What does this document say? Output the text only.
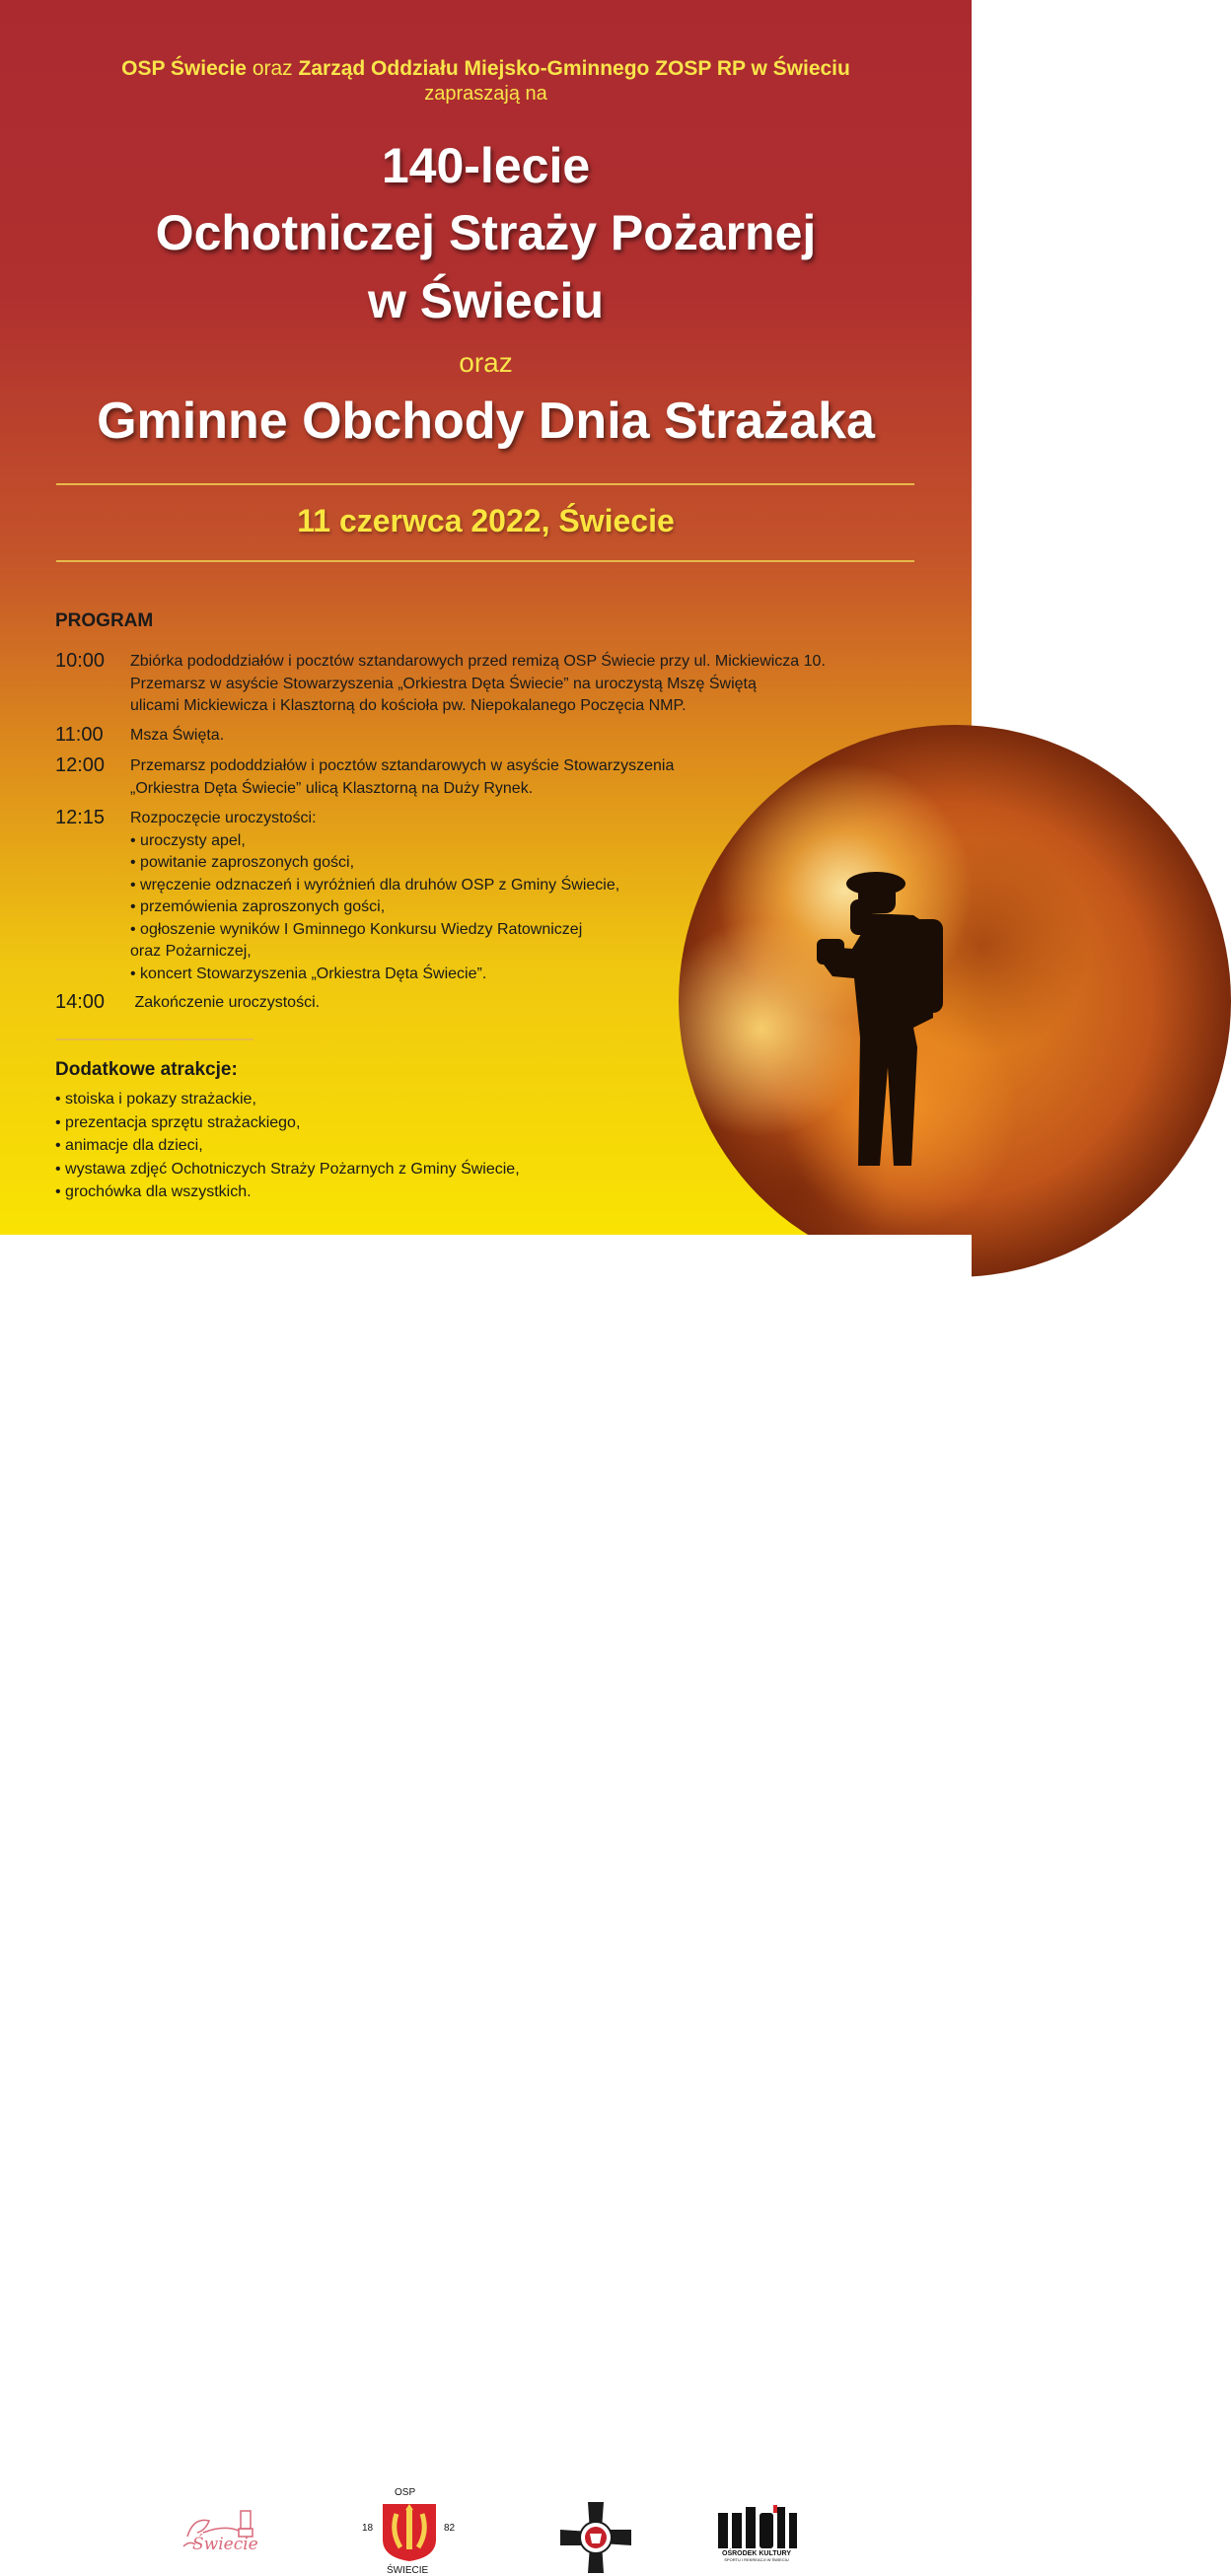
OSP Świecie oraz Zarząd Oddziału Miejsko-Gminnego ZOSP RP w Świeciu
zapraszają na
140-lecie
Ochotniczej Straży Pożarnej
w Świeciu
oraz
Gminne Obchody Dnia Strażaka
11 czerwca 2022, Świecie
PROGRAM
10:00	Zbiórka pododdziałów i pocztów sztandarowych przed remizą OSP Świecie przy ul. Mickiewicza 10.
Przemarsz w asyście Stowarzyszenia „Orkiestra Dęta Świecie” na uroczystą Mszę Świętą
ulicami Mickiewicza i Klasztorną do kościoła pw. Niepokalanego Poczęcia NMP.
11:00	Msza Święta.
12:00	Przemarsz pododdziałów i pocztów sztandarowych w asyście Stowarzyszenia
„Orkiestra Dęta Świecie” ulicą Klasztorną na Duży Rynek.
12:15	Rozpoczęcie uroczystości:
• uroczysty apel,
• powitanie zaproszonych gości,
• wręczenie odznaczeń i wyróżnień dla druhów OSP z Gminy Świecie,
• przemówienia zaproszonych gości,
• ogłoszenie wyników I Gminnego Konkursu Wiedzy Ratowniczej
oraz Pożarniczej,
• koncert Stowarzyszenia „Orkiestra Dęta Świecie”.
14:00	Zakończenie uroczystości.
Dodatkowe atrakcje:
• stoiska i pokazy strażackie,
• prezentacja sprzętu strażackiego,
• animacje dla dzieci,
• wystawa zdjęć Ochotniczych Straży Pożarnych z Gminy Świecie,
• grochówka dla wszystkich.
Świecie
OSP
18	82
ŚWIECIE
OŚRODEK KULTURY
SPORTU I REKREACJI W ŚWIECIU
